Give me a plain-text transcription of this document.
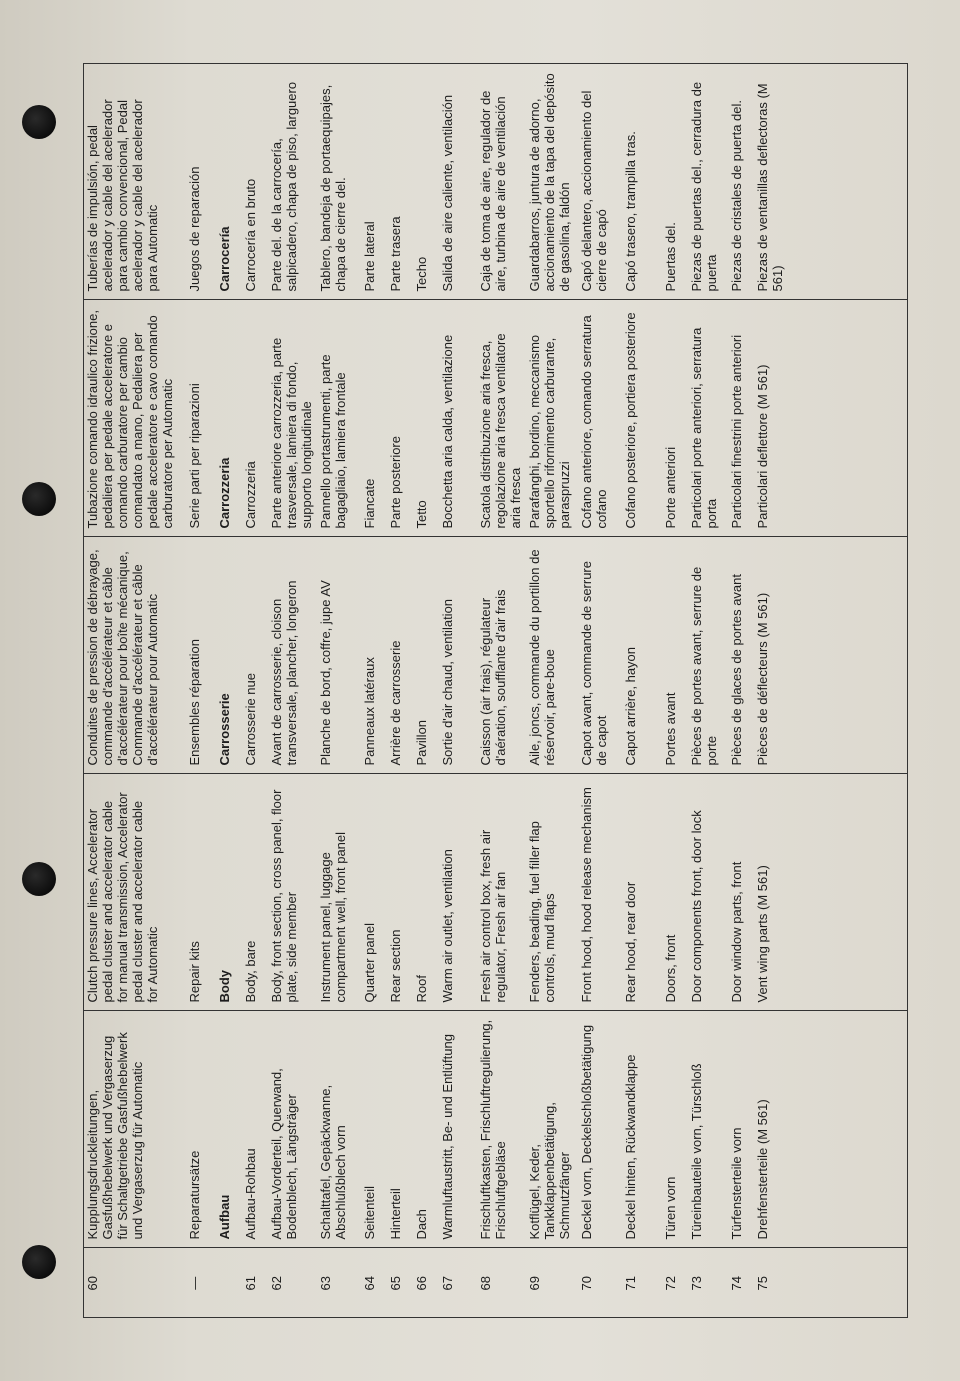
60	Kupplungsdruckleitungen, Gasfußhebelwerk und Vergaserzug für Schaltgetriebe Gasfußhebelwerk und Vergaserzug für Automatic	Clutch pressure lines, Accelerator pedal cluster and accelerator cable for manual transmission, Accelerator pedal cluster and accelerator cable for Automatic	Conduites de pression de débrayage, commande d'accélérateur et câble d'accélérateur pour boîte mécanique, Commande d'accélérateur et câble d'accélérateur pour Automatic	Tubazione comando idraulico frizione, pedaliera per pedale acceleratore e comando carburatore per cambio comandato a mano, Pedaliera per pedale acceleratore e cavo comando carburatore per Automatic	Tuberías de impulsión, pedal acelerador y cable del acelerador para cambio convencional, Pedal acelerador y cable del acelerador para Automatic
—	Reparatursätze	Repair kits	Ensembles réparation	Serie parti per riparazioni	Juegos de reparación
	Aufbau	Body	Carrosserie	Carrozzeria	Carrocería
61	Aufbau-Rohbau	Body, bare	Carrosserie nue	Carrozzeria	Carrocería en bruto
62	Aufbau-Vorderteil, Querwand, Bodenblech, Längsträger	Body, front section, cross panel, floor plate, side member	Avant de carrosserie, cloison transversale, plancher, longeron	Parte anteriore carrozzeria, parte trasversale, lamiera di fondo, supporto longitudinale	Parte del. de la carrocería, salpicadero, chapa de piso, larguero
63	Schalttafel, Gepäckwanne, Abschlußblech vorn	Instrument panel, luggage compartment well, front panel	Planche de bord, coffre, jupe AV	Pannello portastrumenti, parte bagagliaio, lamiera frontale	Tablero, bandeja de portaequipajes, chapa de cierre del.
64	Seitenteil	Quarter panel	Panneaux latéraux	Fiancate	Parte lateral
65	Hinterteil	Rear section	Arrière de carrosserie	Parte posteriore	Parte trasera
66	Dach	Roof	Pavillon	Tetto	Techo
67	Warmluftaustritt, Be- und Entlüftung	Warm air outlet, ventilation	Sortie d'air chaud, ventilation	Bocchetta aria calda, ventilazione	Salida de aire caliente, ventilación
68	Frischluftkasten, Frischluftregulierung, Frischluftgebläse	Fresh air control box, fresh air regulator, Fresh air fan	Caisson (air frais), régulateur d'aération, soufflante d'air frais	Scatola distribuzione aria fresca, regolazione aria fresca ventilatore aria fresca	Caja de toma de aire, regulador de aire, turbina de aire de ventilación
69	Kotflügel, Keder, Tankklappenbetätigung, Schmutzfänger	Fenders, beading, fuel filler flap controls, mud flaps	Aile, joncs, commande du portillon de réservoir, pare-boue	Parafanghi, bordino, meccanismo sportello rifornimento carburante, paraspruzzi	Guardabarros, juntura de adorno, accionamiento de la tapa del depósito de gasolina, faldón
70	Deckel vorn, Deckelschloßbetätigung	Front hood, hood release mechanism	Capot avant, commande de serrure de capot	Cofano anteriore, comando serratura cofano	Capó delantero, accionamiento del cierre de capó
71	Deckel hinten, Rückwandklappe	Rear hood, rear door	Capot arrière, hayon	Cofano posteriore, portiera posteriore	Capó trasero, trampilla tras.
72	Türen vorn	Doors, front	Portes avant	Porte anteriori	Puertas del.
73	Türeinbauteile vorn, Türschloß	Door components front, door lock	Pièces de portes avant, serrure de porte	Particolari porte anteriori, serratura porta	Piezas de puertas del., cerradura de puerta
74	Türfensterteile vorn	Door window parts, front	Pièces de glaces de portes avant	Particolari finestrini porte anteriori	Piezas de cristales de puerta del.
75	Drehfensterteile (M 561)	Vent wing parts (M 561)	Pièces de déflecteurs (M 561)	Particolari deflettore (M 561)	Piezas de ventanillas deflectoras (M 561)
